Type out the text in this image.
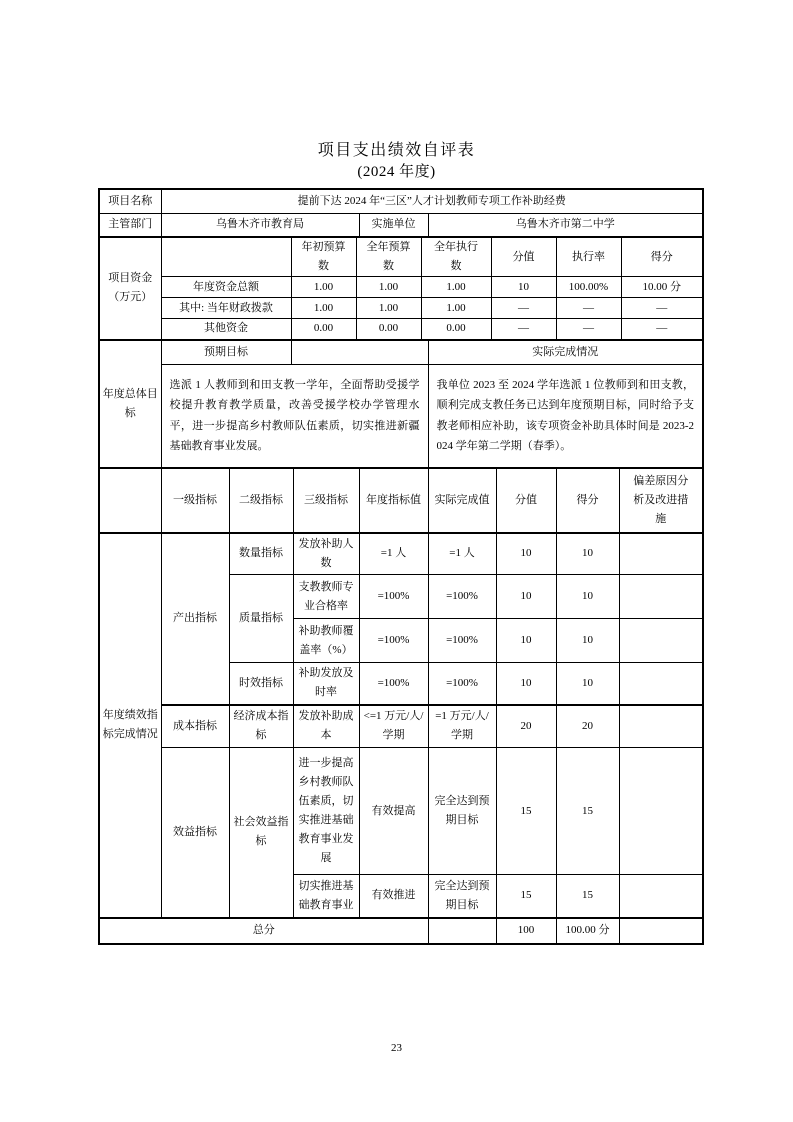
项目支出绩效自评表
(2024 年度)
项目名称	提前下达 2024 年“三区”人才计划教师专项工作补助经费		
主管部门	乌鲁木齐市教育局	实施单位	乌鲁木齐市第二中学
项目资金（万元）		年初预算数	全年预算数	全年执行数	分值	执行率	得分
	年度资金总额	1.00	1.00	1.00	10	100.00%	10.00 分
	其中: 当年财政拨款	1.00	1.00	1.00	—	—	—
	其他资金	0.00	0.00	0.00	—	—	—
年度总体目标	预期目标		实际完成情况
	选派 1 人教师到和田支教一学年，全面帮助受援学校提升教育教学质量，改善受援学校办学管理水平，进一步提高乡村教师队伍素质，切实推进新疆基础教育事业发展。		我单位 2023 至 2024 学年选派 1 位教师到和田支教，顺利完成支教任务已达到年度预期目标，同时给予支教老师相应补助，该专项资金补助具体时间是 2023-2024 学年第二学期（春季）。
	一级指标	二级指标	三级指标	年度指标值	实际完成值	分值	得分	偏差原因分析及改进措施
年度绩效指标完成情况	产出指标	数量指标	发放补助人数	=1 人	=1 人	10	10	
		质量指标	支教教师专业合格率	=100%	=100%	10	10	
			补助教师覆盖率（%）	=100%	=100%	10	10	
		时效指标	补助发放及时率	=100%	=100%	10	10	
	成本指标	经济成本指标	发放补助成本	<=1 万元/人/学期	=1 万元/人/学期	20	20	
	效益指标	社会效益指标	进一步提高乡村教师队伍素质，切实推进基础教育事业发展	有效提高	完全达到预期目标	15	15	
			切实推进基础教育事业	有效推进	完全达到预期目标	15	15	
总分						100	100.00 分	
23
